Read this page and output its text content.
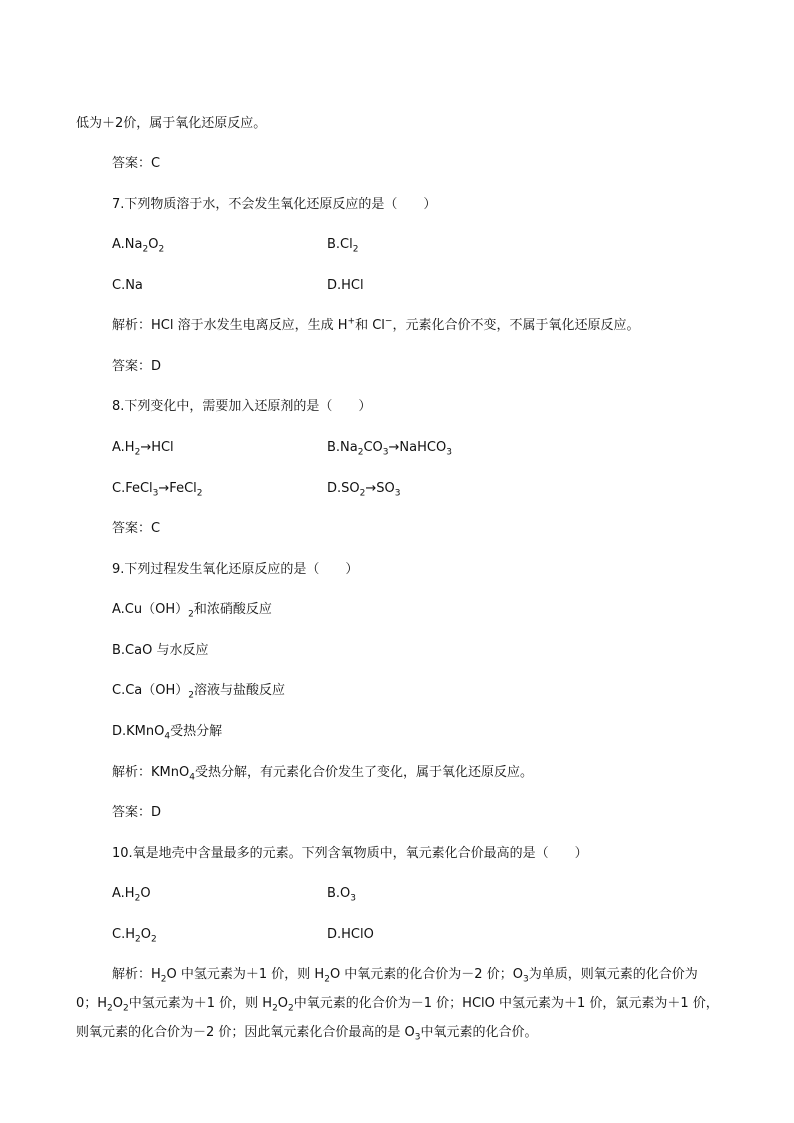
低为＋2价，属于氧化还原反应。
答案：C
7.下列物质溶于水，不会发生氧化还原反应的是（　　）
$A.Na_2O_2$	$B.Cl_2$
C.Na	D.HCl
解析：HCl 溶于水发生电离反应，生成 H+和 Cl−，元素化合价不变，不属于氧化还原反应。
答案：D
8.下列变化中，需要加入还原剂的是（　　）
$A.H_2\to HCl$	$B.Na_2CO_3\to NaHCO_3$
C.FeCl$_3$→FeCl$_2$	$D.SO_2\to SO_3$
答案：C
9.下列过程发生氧化还原反应的是（　　）
$A.Cu(OH)_2$和浓硝酸反应
B.CaO 与水反应
$C.Ca(OH)_2$溶液与盐酸反应
D.KMnO$_4$受热分解
解析：KMnO$_4$受热分解，有元素化合价发生了变化，属于氧化还原反应。
答案：D
10.氧是地壳中含量最多的元素。下列含氧物质中，氧元素化合价最高的是（　　）
$A.H_2O$	$B.O_3$
$C.H_2O_2$	D.HClO
解析：$H_2O$ 中氢元素为＋1 价，则 $H_2O$ 中氧元素的化合价为－2 价；$O_3$为单质，则氧元素的化合价为
0；$H_2O_2$中氢元素为＋1 价，则 $H_2O_2$中氧元素的化合价为－1 价；HClO 中氢元素为＋1 价，氯元素为＋1 价，
则氧元素的化合价为－2 价；因此氧元素化合价最高的是 $O_3$中氧元素的化合价。
